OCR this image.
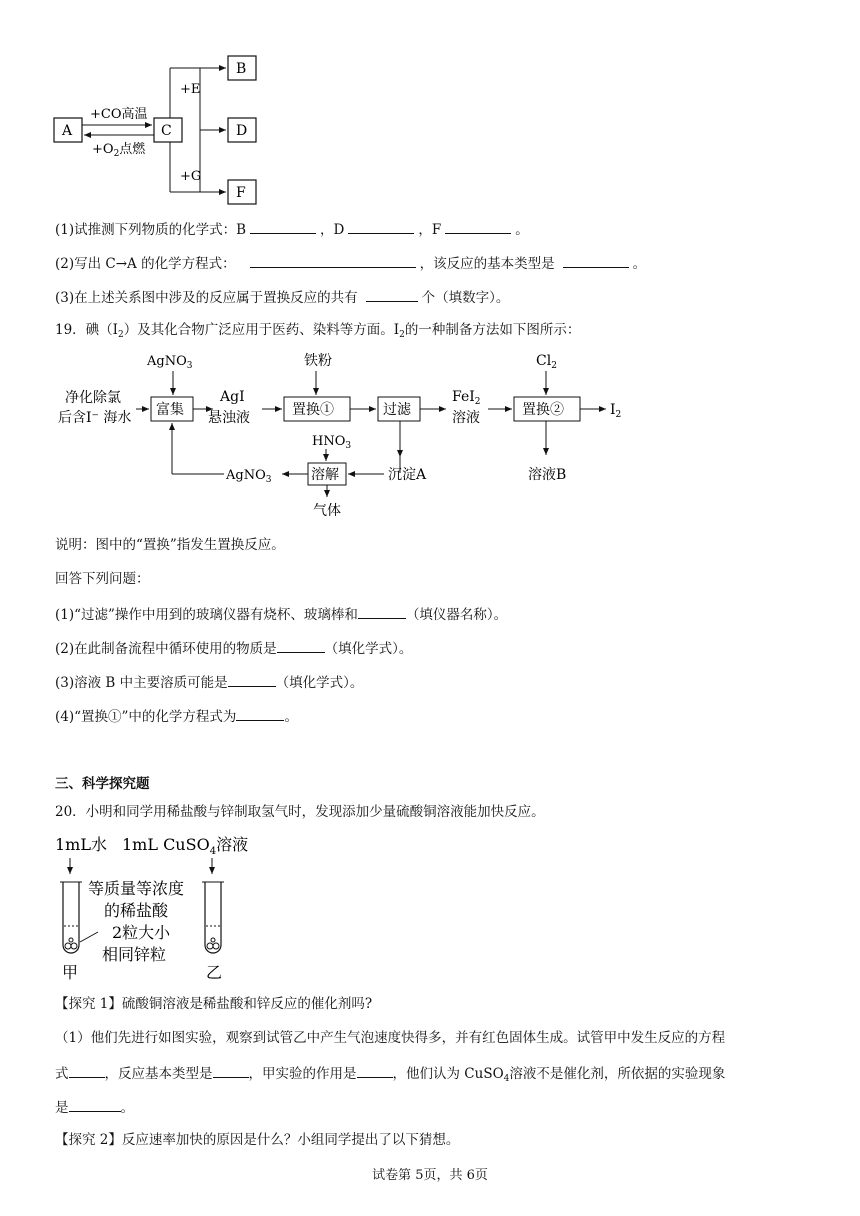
A	C
B
D
F
+CO高温
$+O_2$点燃
+E
+G
(1)试推测下列物质的化学式：B	，D	，F	。
(2)写出 C→A 的化学方程式：	，该反应的基本类型是	。
(3)在上述关系图中涉及的反应属于置换反应的共有	个（填数字）。
19．碘$(I_2)$及其化合物广泛应用于医药、染料等方面。$I_2$的一种制备方法如下图所示：
AgNO$_3$
净化除氯
后含I⁻ 海水 富集
AgI
悬浊液
铁粉
置换①	过滤
FeI$_2$
溶液
$Cl_2$
置换②	$I_2$
溶液B
$HNO_3$
溶解	沉淀A
AgNO$_3$
气体
说明：图中的“置换”指发生置换反应。
回答下列问题：
(1)“过滤”操作中用到的玻璃仪器有烧杯、玻璃棒和	（填仪器名称）。
(2)在此制备流程中循环使用的物质是	（填化学式）。
(3)溶液 B 中主要溶质可能是	（填化学式）。
(4)“置换①”中的化学方程式为	。
三、科学探究题
20．小明和同学用稀盐酸与锌制取氢气时，发现添加少量硫酸铜溶液能加快反应。
1mL水 1mL CuSO$_4$溶液
等质量等浓度
的稀盐酸
2粒大小
相同锌粒
甲	乙
【探究 1】硫酸铜溶液是稀盐酸和锌反应的催化剂吗?
（1）他们先进行如图实验，观察到试管乙中产生气泡速度快得多，并有红色固体生成。试管甲中发生反应的方程
式	，反应基本类型是	，甲实验的作用是	，他们认为 CuSO$_4$溶液不是催化剂，所依据的实验现象
是	。
【探究 2】反应速率加快的原因是什么？小组同学提出了以下猜想。
试卷第 5页，共 6页
